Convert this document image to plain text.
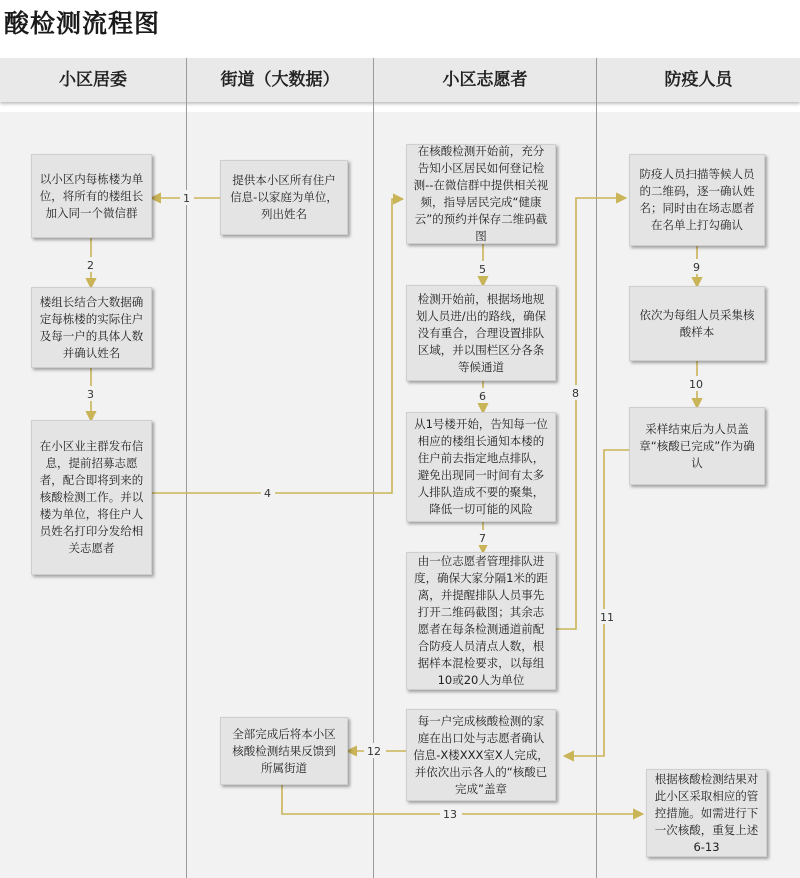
酸检测流程图
小区居委	街道（大数据）	小区志愿者	防疫人员
1
2
3
4
5
6
7
8
9
10
11
12
13
以小区内每栋楼为单位，将所有的楼组长加入同一个微信群
楼组长结合大数据确定每栋楼的实际住户及每一户的具体人数并确认姓名
在小区业主群发布信息，提前招募志愿者，配合即将到来的核酸检测工作。并以楼为单位，将住户人员姓名打印分发给相关志愿者
提供本小区所有住户信息-以家庭为单位，列出姓名
全部完成后将本小区核酸检测结果反馈到所属街道
在核酸检测开始前，充分告知小区居民如何登记检测--在微信群中提供相关视频，指导居民完成“健康云”的预约并保存二维码截图
检测开始前，根据场地规划人员进/出的路线，确保没有重合，合理设置排队区域，并以围栏区分各条等候通道
从1号楼开始，告知每一位相应的楼组长通知本楼的住户前去指定地点排队，避免出现同一时间有太多人排队造成不要的聚集，降低一切可能的风险
由一位志愿者管理排队进度，确保大家分隔1米的距离，并提醒排队人员事先打开二维码截图；其余志愿者在每条检测通道前配合防疫人员清点人数，根据样本混检要求，以每组10或20人为单位
每一户完成核酸检测的家庭在出口处与志愿者确认信息-X楼XXX室X人完成，并依次出示各人的“核酸已完成”盖章
防疫人员扫描等候人员的二维码，逐一确认姓名；同时由在场志愿者在名单上打勾确认
依次为每组人员采集核酸样本
采样结束后为人员盖章“核酸已完成”作为确认
根据核酸检测结果对此小区采取相应的管控措施。如需进行下一次核酸，重复上述6-13
